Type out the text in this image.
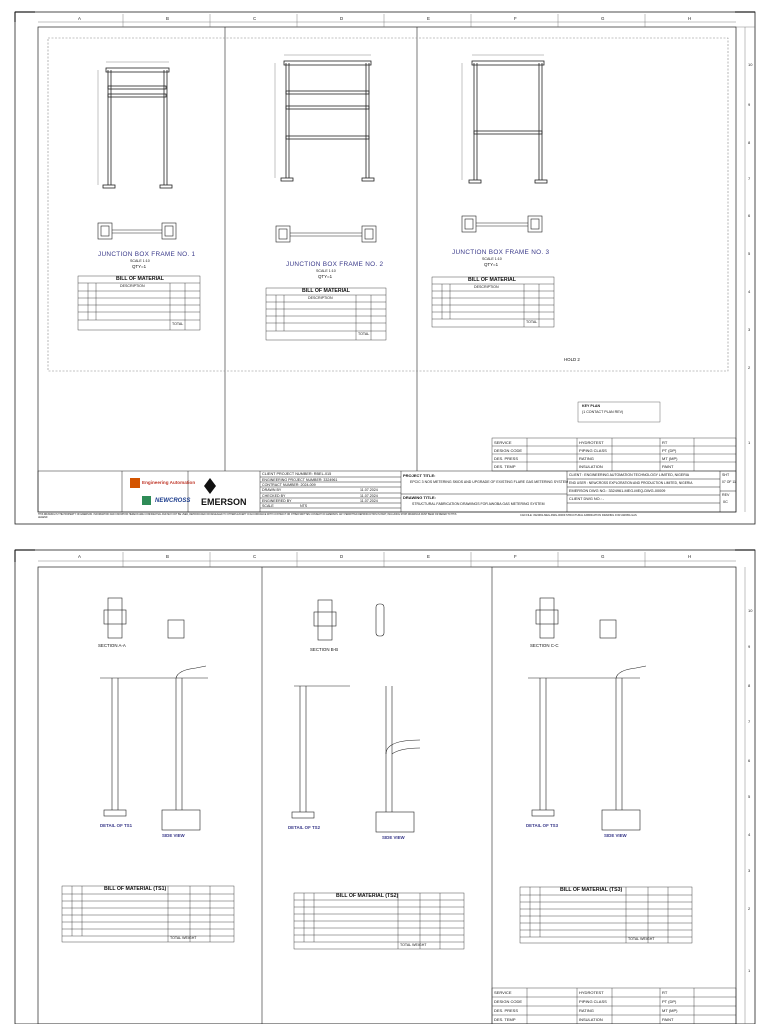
A	B	C	D	E	F	G	H
10
9
8
7
6
5
4
3
2
1
JUNCTION BOX FRAME NO. 1
SCALE 1:10
QTY=1	JUNCTION BOX FRAME NO. 2
SCALE 1:10
QTY=1
JUNCTION BOX FRAME NO. 3
SCALE 1:10
QTY=1
BILL OF MATERIAL
DESCRIPTION
TOTAL
BILL OF MATERIAL
DESCRIPTION
TOTAL
BILL OF MATERIAL
DESCRIPTION
TOTAL
HOLD 2
KEY PLAN
(1 CONTACT PLAN REV)
SERVICE	HYDROTEST	RT
DESIGN CODE	PIPING CLASS	PT (DP)
DES. PRESS	RATING	MT (MP)
DES. TEMP	INSULATION	PAINT
Engineering Automation
NEWCROSS EMERSON
CLIENT PROJECT NUMBER: RBEL-015
ENGINEERING PROJECT NUMBER: 3324961
CONTRACT NUMBER: 2024-009
DRAWN BY	11.07.2024
CHECKED BY	11.07.2024
ENGINEERED BY	11.07.2024
SCALE	NTS
PROJECT TITLE:
EPCIC 3 NOS METERING SKIDS AND UPGRADE OF EXISTING FLARE GAS METERING SYSTEM
DRAWING TITLE:
STRUCTURAL FABRICATION DRAWINGS FOR AWOBA GAS METERING SYSTEM
CLIENT : ENGINEERING AUTOMATION TECHNOLOGY LIMITED, NIGERIA
END USER : NEWCROSS EXPLORATION AND PRODUCTION LIMITED, NIGERIA
EMERSON DWG NO.: 3324961-MEG-MEQ-DWG-00009
CLIENT DWG NO.: -
SHT
07 OF 11
REV
0C
THIS DRAWING IS THE PROPERTY OF EMERSON. INFORMATION AND KNOWHOW HEREON ARE CONFIDENTIAL AND MAY NOT BE USED, REPRODUCED OR REVEALED TO OTHERS EXCEPT IN ACCORDANCE WITH CONTRACT OR OTHER WRITTEN CONSENT OF EMERSON. ANY PERMITTED REPRODUCTION IN PART, INCLUDING SHOP DRAWINGS MUST BEAR OR REFER TO THIS LEGEND
CAD FILE: 3324961-MEG-DWG-00009 STRUCTURAL FABRICATION DRAWING FOR AWOBA GAS
A	B	C	D	E	F	G	H
10
9
8
7
6
5
4
3
2
1
SECTION A-A
SECTION B-B
SECTION C-C
DETAIL OF TS1
SIDE VIEW
DETAIL OF TS2
SIDE VIEW
DETAIL OF TS3
SIDE VIEW
BILL OF MATERIAL (TS1)
TOTAL WEIGHT
BILL OF MATERIAL (TS2)
TOTAL WEIGHT
BILL OF MATERIAL (TS3)
TOTAL WEIGHT
SERVICE	HYDROTEST	RT
DESIGN CODE	PIPING CLASS	PT (DP)
DES. PRESS	RATING	MT (MP)
DES. TEMP	INSULATION	PAINT
